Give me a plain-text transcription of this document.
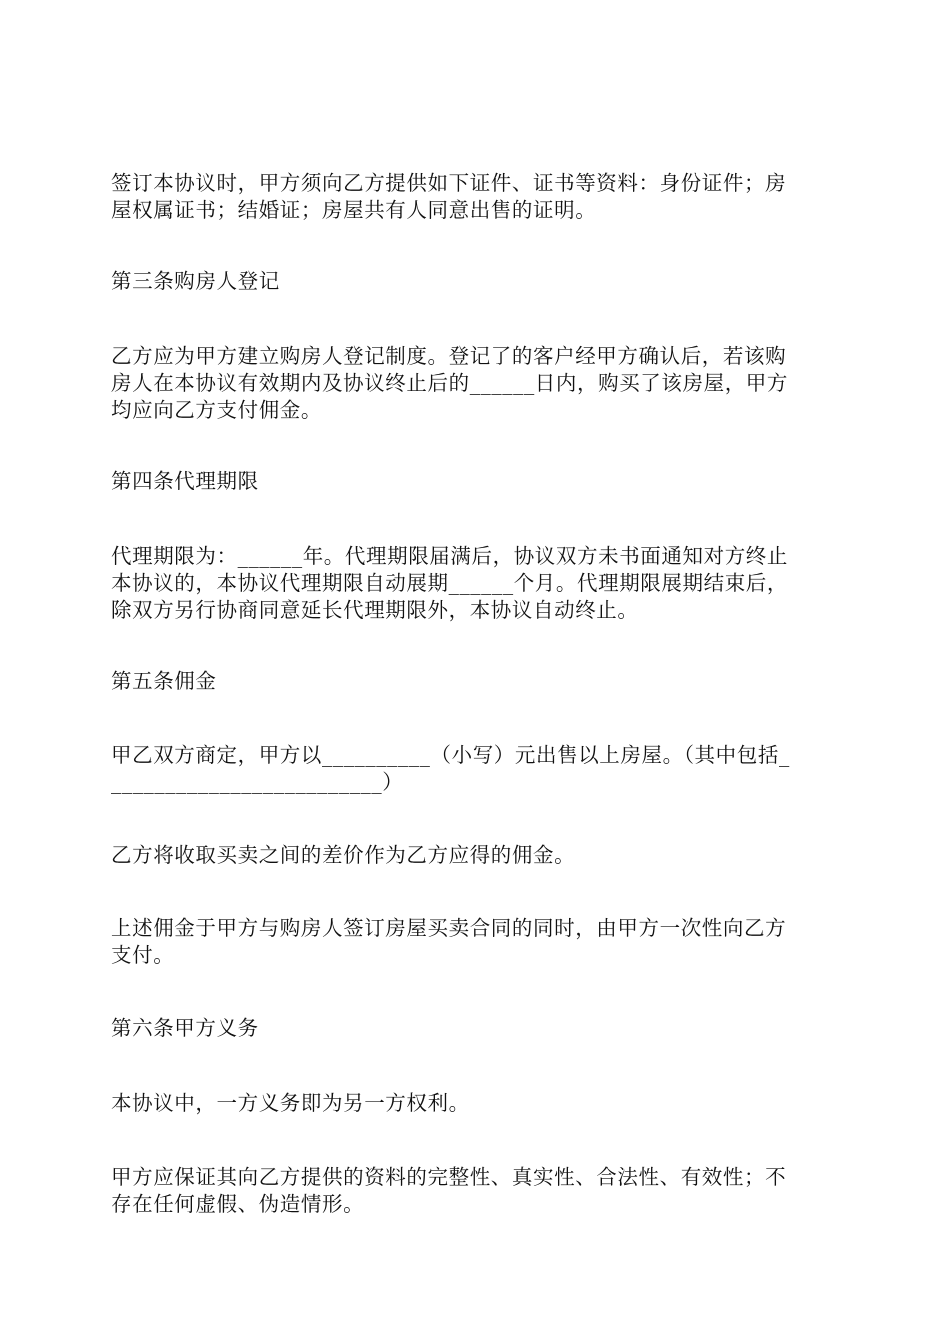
签订本协议时，甲方须向乙方提供如下证件、证书等资料：身份证件；房
屋权属证书；结婚证；房屋共有人同意出售的证明。

第三条购房人登记

乙方应为甲方建立购房人登记制度。登记了的客户经甲方确认后，若该购
房人在本协议有效期内及协议终止后的______日内，购买了该房屋，甲方
均应向乙方支付佣金。

第四条代理期限

代理期限为：______年。代理期限届满后，协议双方未书面通知对方终止
本协议的，本协议代理期限自动展期______个月。代理期限展期结束后，
除双方另行协商同意延长代理期限外，本协议自动终止。

第五条佣金

甲乙双方商定，甲方以__________（小写）元出售以上房屋。（其中包括_
_________________________）

乙方将收取买卖之间的差价作为乙方应得的佣金。

上述佣金于甲方与购房人签订房屋买卖合同的同时，由甲方一次性向乙方
支付。

第六条甲方义务

本协议中，一方义务即为另一方权利。

甲方应保证其向乙方提供的资料的完整性、真实性、合法性、有效性；不
存在任何虚假、伪造情形。
